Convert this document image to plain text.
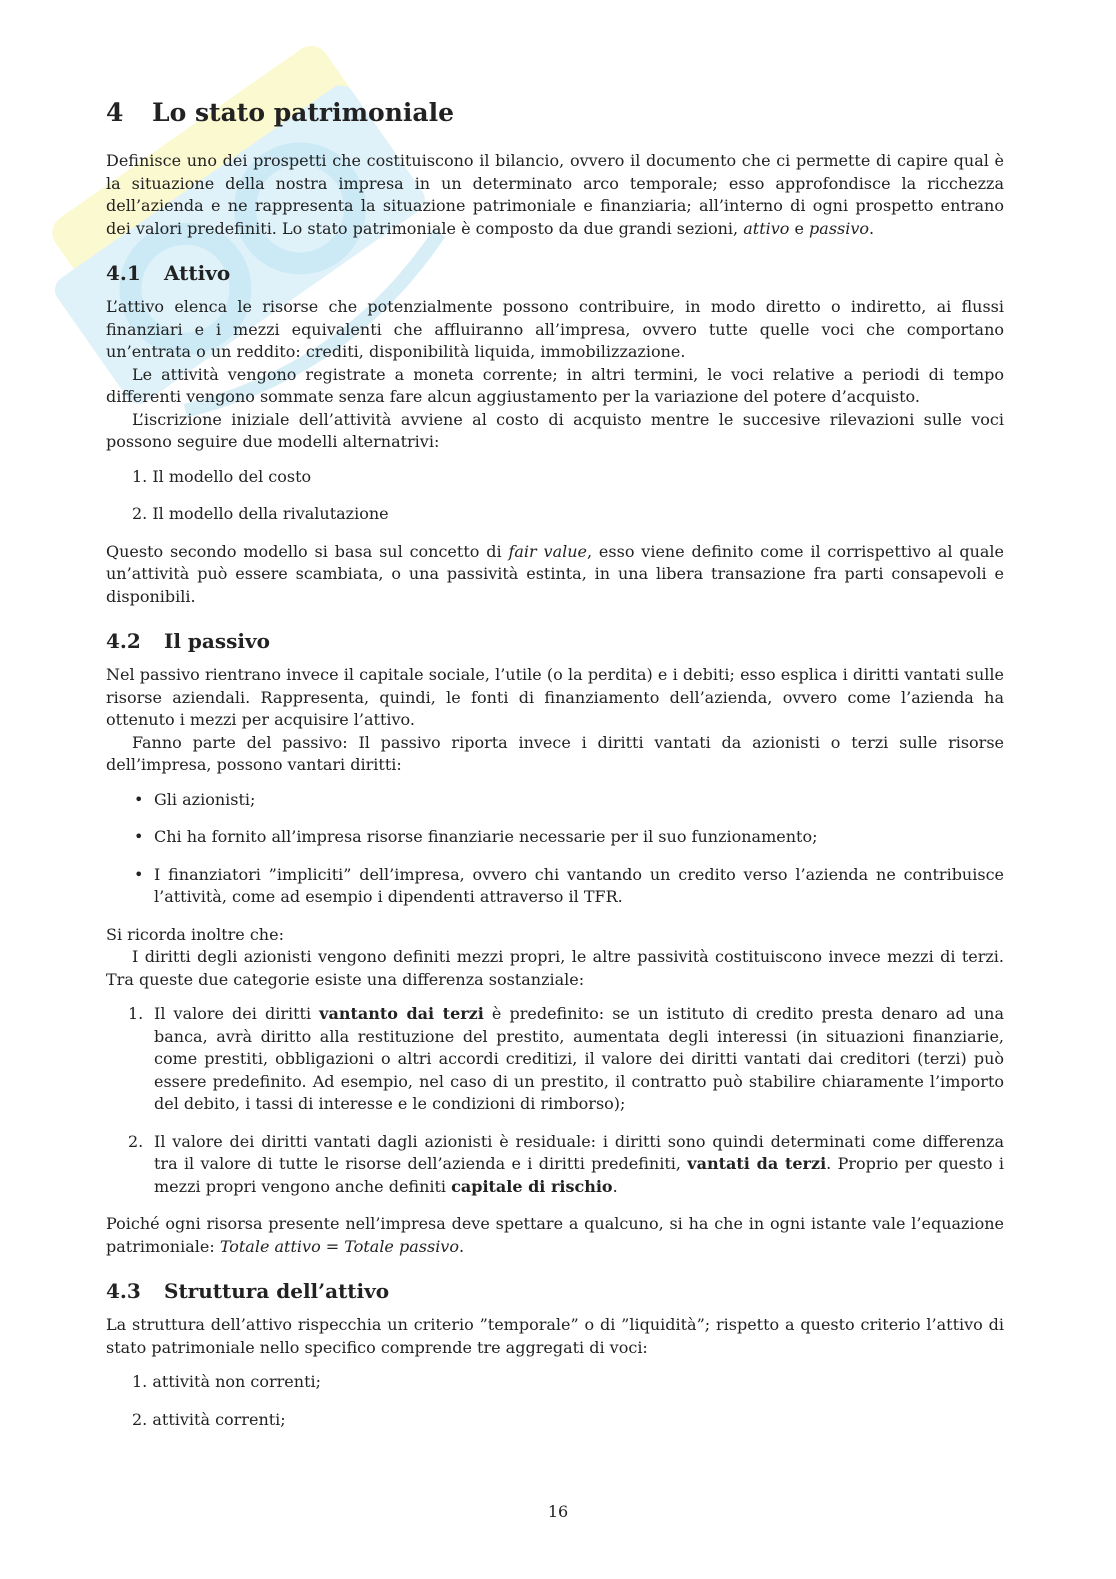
4 Lo stato patrimoniale

Definisce uno dei prospetti che costituiscono il bilancio, ovvero il documento che ci permette di capire qual è la situazione della nostra impresa in un determinato arco temporale; esso approfondisce la ricchezza dell’azienda e ne rappresenta la situazione patrimoniale e finanziaria; all’interno di ogni prospetto entrano dei valori predefiniti. Lo stato patrimoniale è composto da due grandi sezioni, attivo e passivo.

4.1 Attivo

L’attivo elenca le risorse che potenzialmente possono contribuire, in modo diretto o indiretto, ai flussi finanziari e i mezzi equivalenti che affluiranno all’impresa, ovvero tutte quelle voci che comportano un’entrata o un reddito: crediti, disponibilità liquida, immobilizzazione.

Le attività vengono registrate a moneta corrente; in altri termini, le voci relative a periodi di tempo differenti vengono sommate senza fare alcun aggiustamento per la variazione del potere d’acquisto.

L’iscrizione iniziale dell’attività avviene al costo di acquisto mentre le succesive rilevazioni sulle voci possono seguire due modelli alternatrivi:

1. Il modello del costo
2. Il modello della rivalutazione

Questo secondo modello si basa sul concetto di fair value, esso viene definito come il corrispettivo al quale un’attività può essere scambiata, o una passività estinta, in una libera transazione fra parti consapevoli e disponibili.

4.2 Il passivo

Nel passivo rientrano invece il capitale sociale, l’utile (o la perdita) e i debiti; esso esplica i diritti vantati sulle risorse aziendali. Rappresenta, quindi, le fonti di finanziamento dell’azienda, ovvero come l’azienda ha ottenuto i mezzi per acquisire l’attivo.

Fanno parte del passivo: Il passivo riporta invece i diritti vantati da azionisti o terzi sulle risorse dell’impresa, possono vantari diritti:

• Gli azionisti;
• Chi ha fornito all’impresa risorse finanziarie necessarie per il suo funzionamento;
• I finanziatori ”impliciti” dell’impresa, ovvero chi vantando un credito verso l’azienda ne contribuisce l’attività, come ad esempio i dipendenti attraverso il TFR.

Si ricorda inoltre che:

I diritti degli azionisti vengono definiti mezzi propri, le altre passività costituiscono invece mezzi di terzi. Tra queste due categorie esiste una differenza sostanziale:

1. Il valore dei diritti vantanto dai terzi è predefinito: se un istituto di credito presta denaro ad una banca, avrà diritto alla restituzione del prestito, aumentata degli interessi (in situazioni finanziarie, come prestiti, obbligazioni o altri accordi creditizi, il valore dei diritti vantati dai creditori (terzi) può essere predefinito. Ad esempio, nel caso di un prestito, il contratto può stabilire chiaramente l’importo del debito, i tassi di interesse e le condizioni di rimborso);
2. Il valore dei diritti vantati dagli azionisti è residuale: i diritti sono quindi determinati come differenza tra il valore di tutte le risorse dell’azienda e i diritti predefiniti, vantati da terzi. Proprio per questo i mezzi propri vengono anche definiti capitale di rischio.

Poiché ogni risorsa presente nell’impresa deve spettare a qualcuno, si ha che in ogni istante vale l’equazione patrimoniale: Totale attivo = Totale passivo.

4.3 Struttura dell’attivo

La struttura dell’attivo rispecchia un criterio ”temporale” o di ”liquidità”; rispetto a questo criterio l’attivo di stato patrimoniale nello specifico comprende tre aggregati di voci:

1. attività non correnti;
2. attività correnti;
16
